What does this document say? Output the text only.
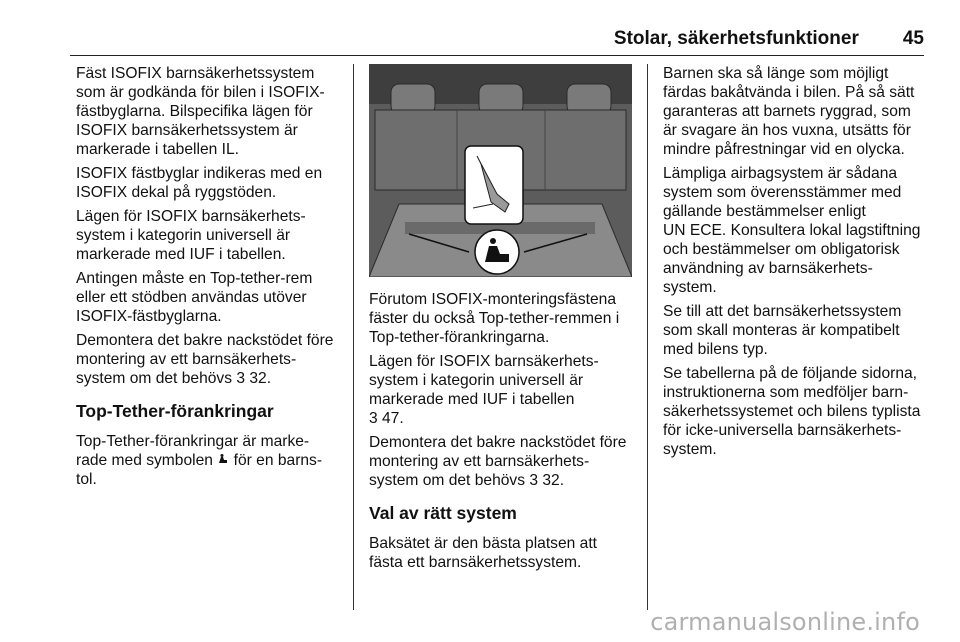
Stolar, säkerhetsfunktioner 45

Fäst ISOFIX barnsäkerhetssystem
som är godkända för bilen i ISOFIX-
fästbyglarna. Bilspecifika lägen för
ISOFIX barnsäkerhetssystem är
markerade i tabellen IL.

ISOFIX fästbyglar indikeras med en
ISOFIX dekal på ryggstöden.

Lägen för ISOFIX barnsäkerhets-
system i kategorin universell är
markerade med IUF i tabellen.

Antingen måste en Top-tether-rem
eller ett stödben användas utöver
ISOFIX-fästbyglarna.

Demontera det bakre nackstödet före
montering av ett barnsäkerhets-
system om det behövs 3 32.

Top-Tether-förankringar

Top-Tether-förankringar är marke-
rade med symbolen för en barns-
tol.

Förutom ISOFIX-monteringsfästena
fäster du också Top-tether-remmen i
Top-tether-förankringarna.

Lägen för ISOFIX barnsäkerhets-
system i kategorin universell är
markerade med IUF i tabellen
3 47.

Demontera det bakre nackstödet före
montering av ett barnsäkerhets-
system om det behövs 3 32.

Val av rätt system

Baksätet är den bästa platsen att
fästa ett barnsäkerhetssystem.

Barnen ska så länge som möjligt
färdas bakåtvända i bilen. På så sätt
garanteras att barnets ryggrad, som
är svagare än hos vuxna, utsätts för
mindre påfrestningar vid en olycka.

Lämpliga airbagsystem är sådana
system som överensstämmer med
gällande bestämmelser enligt
UN ECE. Konsultera lokal lagstiftning
och bestämmelser om obligatorisk
användning av barnsäkerhets-
system.

Se till att det barnsäkerhetssystem
som skall monteras är kompatibelt
med bilens typ.

Se tabellerna på de följande sidorna,
instruktionerna som medföljer barn-
säkerhetssystemet och bilens typlista
för icke-universella barnsäkerhets-
system.

carmanualsonline.info
